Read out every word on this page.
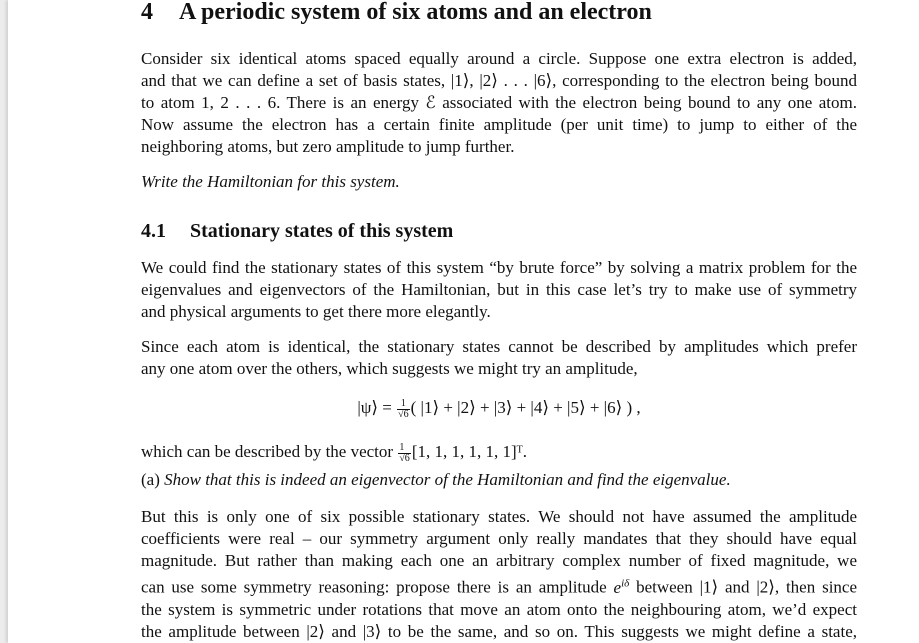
4 A periodic system of six atoms and an electron

Consider six identical atoms spaced equally around a circle. Suppose one extra electron is added,
and that we can define a set of basis states, |1⟩, |2⟩ . . . |6⟩, corresponding to the electron being bound
to atom 1, 2 . . . 6. There is an energy ℰ associated with the electron being bound to any one atom.
Now assume the electron has a certain finite amplitude (per unit time) to jump to either of the
neighboring atoms, but zero amplitude to jump further.

Write the Hamiltonian for this system.

4.1 Stationary states of this system

We could find the stationary states of this system “by brute force” by solving a matrix problem for the
eigenvalues and eigenvectors of the Hamiltonian, but in this case let’s try to make use of symmetry
and physical arguments to get there more elegantly.

Since each atom is identical, the stationary states cannot be described by amplitudes which prefer
any one atom over the others, which suggests we might try an amplitude,

|ψ⟩ = $\frac{1}{√6}$ ( |1⟩ + |2⟩ + |3⟩ + |4⟩ + |5⟩ + |6⟩ ) ,

which can be described by the vector $\frac{1}{√6} [1$, 1, 1, 1, 1, 1]ᵀ.

(a) Show that this is indeed an eigenvector of the Hamiltonian and find the eigenvalue.

But this is only one of six possible stationary states. We should not have assumed the amplitude
coefficients were real – our symmetry argument only really mandates that they should have equal
magnitude. But rather than making each one an arbitrary complex number of fixed magnitude, we
can use some symmetry reasoning: propose there is an amplitude $e^{i\delta}$ between |1⟩ and |2⟩, then since
the system is symmetric under rotations that move an atom onto the neighbouring atom, we’d expect
the amplitude between |2⟩ and |3⟩ to be the same, and so on. This suggests we might define a state,
